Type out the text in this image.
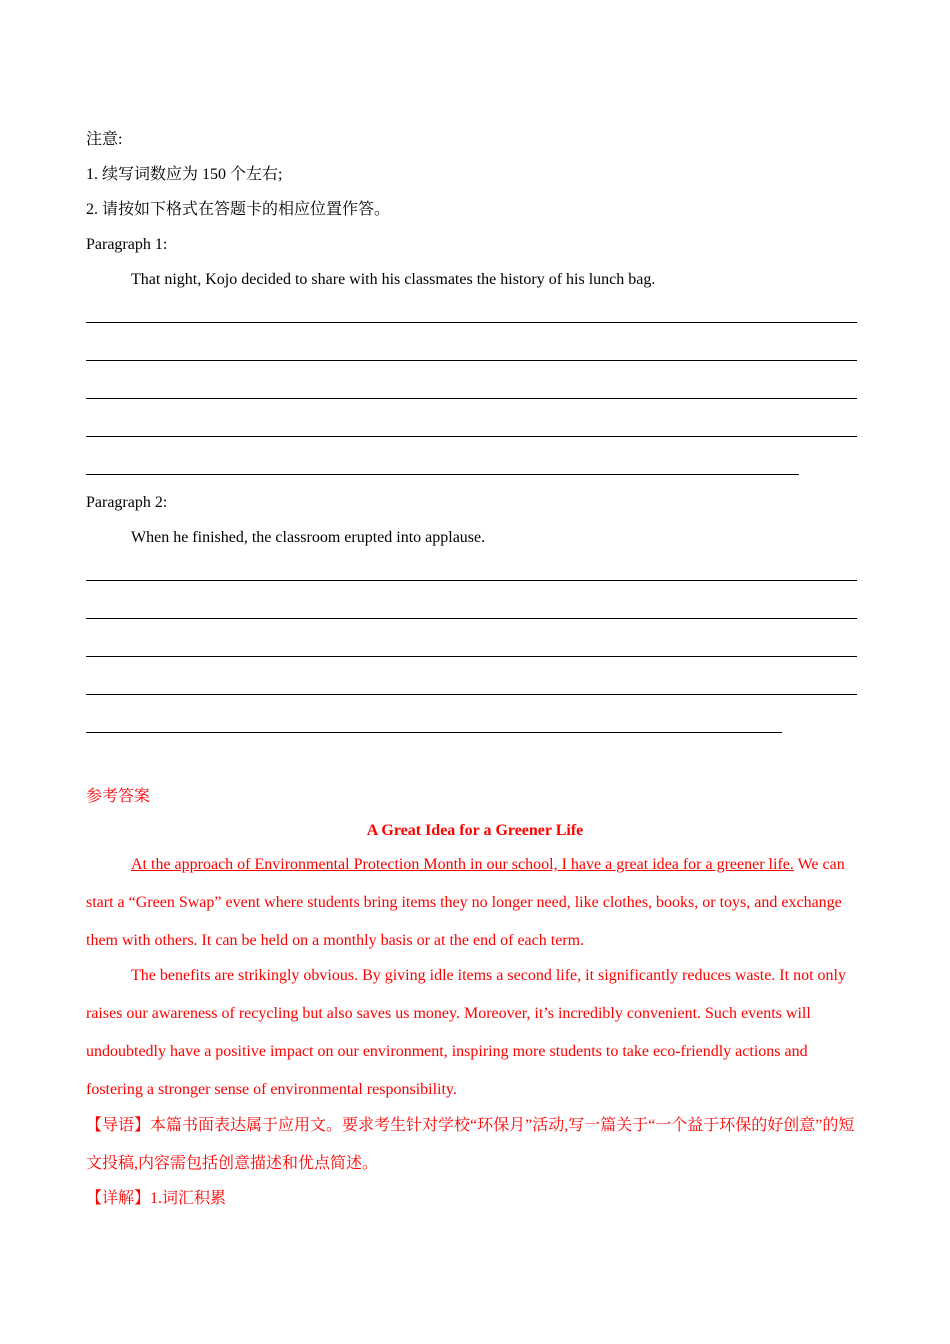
注意:
1. 续写词数应为 150 个左右;
2. 请按如下格式在答题卡的相应位置作答。
Paragraph 1:
That night, Kojo decided to share with his classmates the history of his lunch bag.
Paragraph 2:
When he finished, the classroom erupted into applause.
参考答案
A Great Idea for a Greener Life

At the approach of Environmental Protection Month in our school, I have a great idea for a greener life. We can start a “Green Swap” event where students bring items they no longer need, like clothes, books, or toys, and exchange them with others. It can be held on a monthly basis or at the end of each term.

The benefits are strikingly obvious. By giving idle items a second life, it significantly reduces waste. It not only raises our awareness of recycling but also saves us money. Moreover, it’s incredibly convenient. Such events will undoubtedly have a positive impact on our environment, inspiring more students to take eco-friendly actions and fostering a stronger sense of environmental responsibility.

【导语】本篇书面表达属于应用文。要求考生针对学校“环保月”活动,写一篇关于“一个益于环保的好创意”的短文投稿,内容需包括创意描述和优点简述。

【详解】1.词汇积累
